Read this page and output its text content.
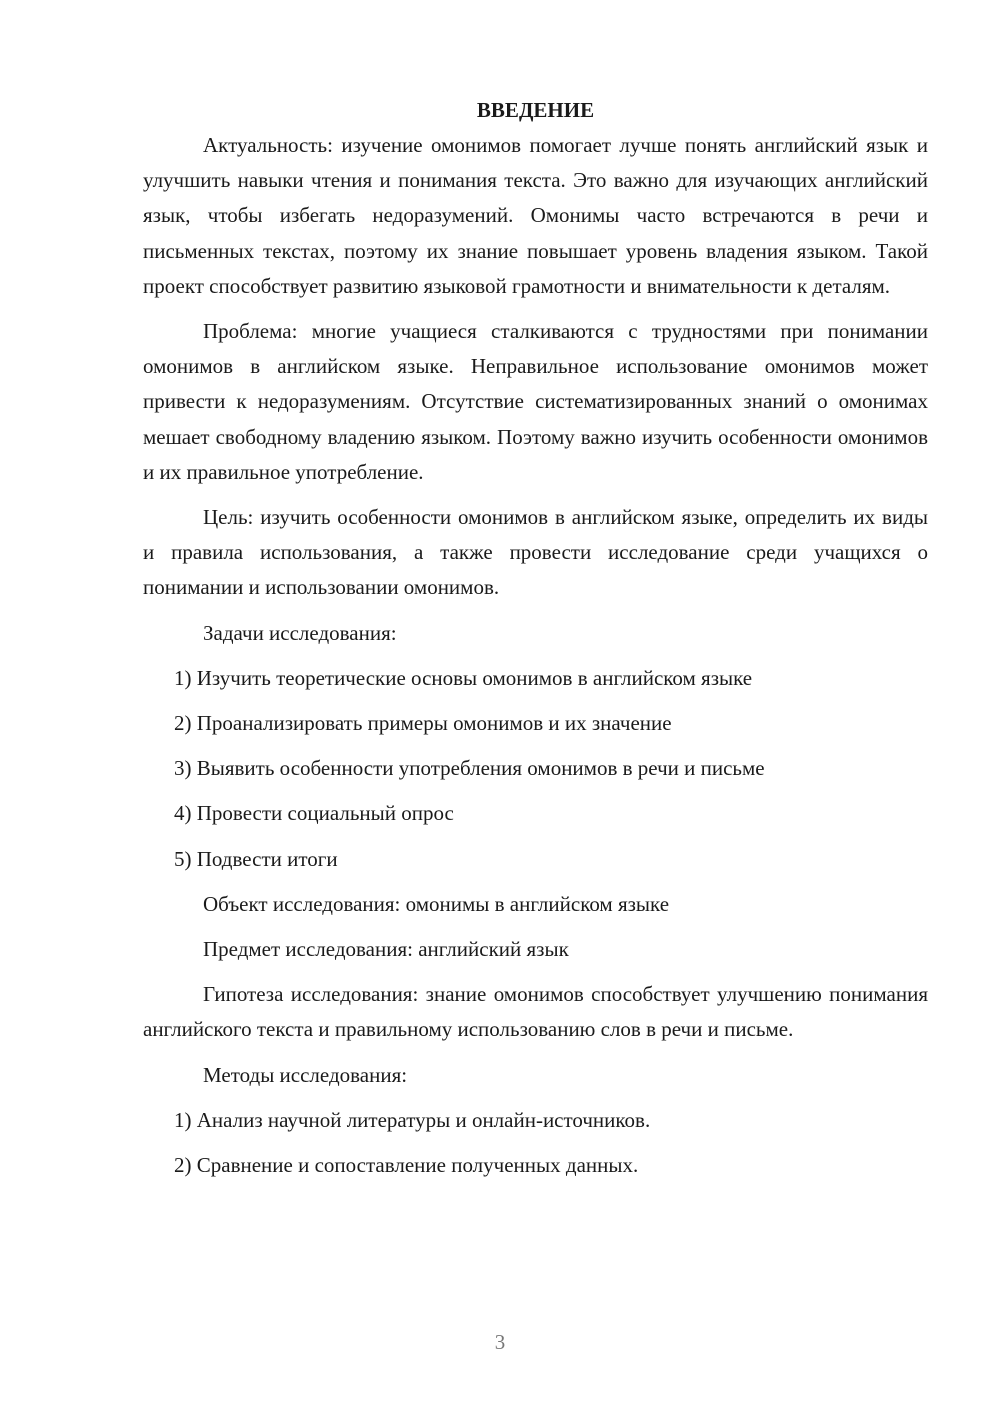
ВВЕДЕНИЕ

Актуальность: изучение омонимов помогает лучше понять английский язык и улучшить навыки чтения и понимания текста. Это важно для изучающих английский язык, чтобы избегать недоразумений. Омонимы часто встречаются в речи и письменных текстах, поэтому их знание повышает уровень владения языком. Такой проект способствует развитию языковой грамотности и внимательности к деталям.

Проблема: многие учащиеся сталкиваются с трудностями при понимании омонимов в английском языке. Неправильное использование омонимов может привести к недоразумениям. Отсутствие систематизированных знаний о омонимах мешает свободному владению языком. Поэтому важно изучить особенности омонимов и их правильное употребление.

Цель: изучить особенности омонимов в английском языке, определить их виды и правила использования, а также провести исследование среди учащихся о понимании и использовании омонимов.

Задачи исследования:

1) Изучить теоретические основы омонимов в английском языке

2) Проанализировать примеры омонимов и их значение

3) Выявить особенности употребления омонимов в речи и письме

4) Провести социальный опрос

5) Подвести итоги

Объект исследования: омонимы в английском языке

Предмет исследования: английский язык

Гипотеза исследования: знание омонимов способствует улучшению понимания английского текста и правильному использованию слов в речи и письме.

Методы исследования:

1) Анализ научной литературы и онлайн-источников.

2) Сравнение и сопоставление полученных данных.

3
